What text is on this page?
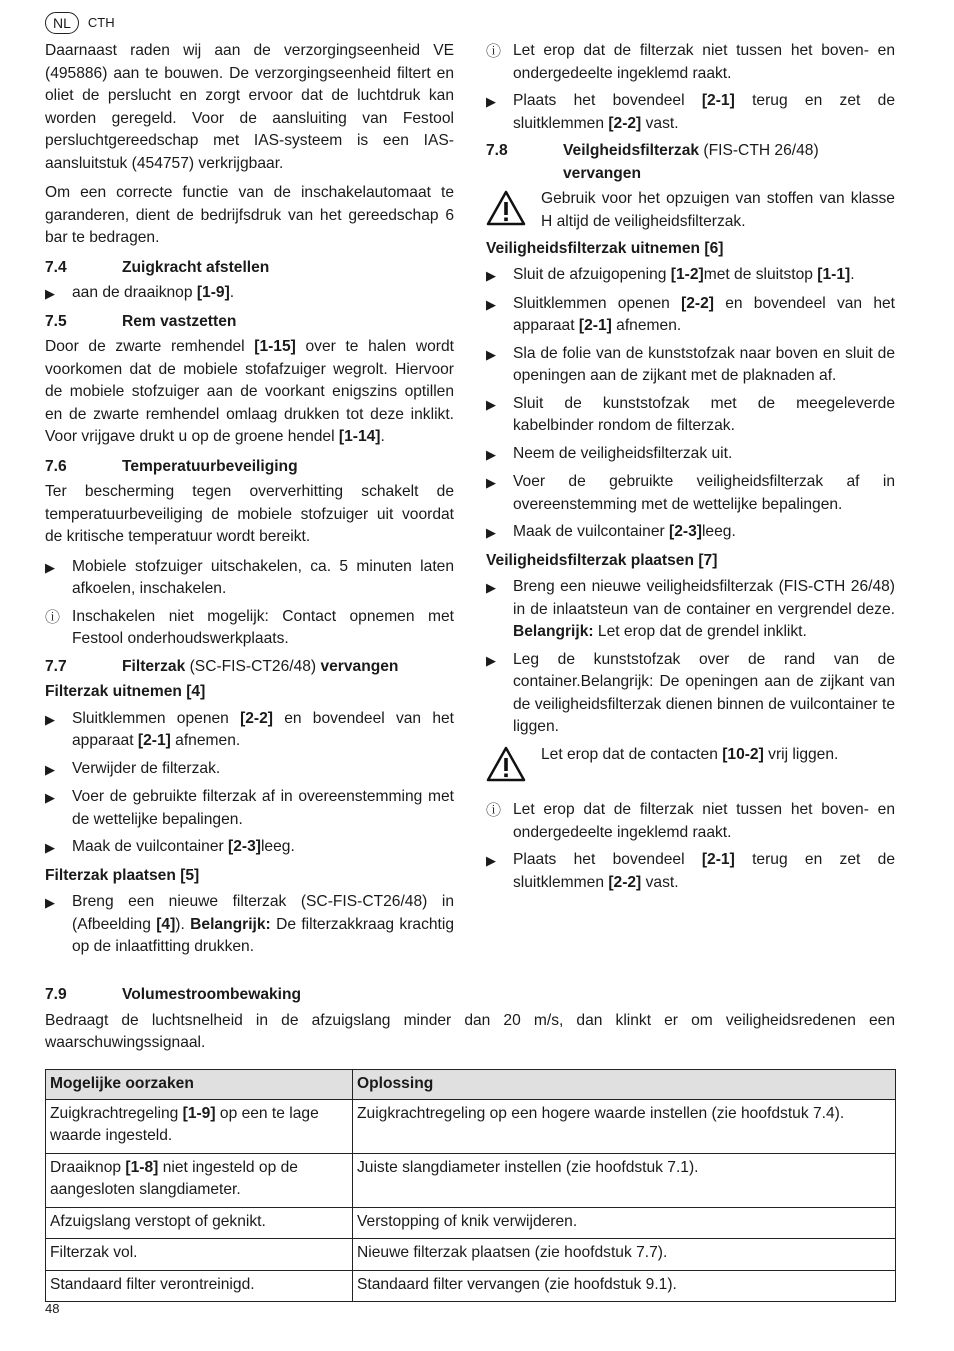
NL	CTH

Daarnaast raden wij aan de verzorgingseenheid VE (495886) aan te bouwen. De verzorgingseenheid filtert en oliet de perslucht en zorgt ervoor dat de luchtdruk kan worden geregeld. Voor de aansluiting van Festool persluchtgereedschap met IAS-systeem is een IAS-aansluitstuk (454757) verkrijgbaar.

Om een correcte functie van de inschakelautomaat te garanderen, dient de bedrijfsdruk van het gereedschap 6 bar te bedragen.

7.4	Zuigkracht afstellen
▶	aan de draaiknop [1-9].
7.5	Rem vastzetten

Door de zwarte remhendel [1-15] over te halen wordt voorkomen dat de mobiele stofafzuiger wegrolt. Hiervoor de mobiele stofzuiger aan de voorkant enigszins optillen en de zwarte remhendel omlaag drukken tot deze inklikt. Voor vrijgave drukt u op de groene hendel [1-14].

7.6	Temperatuurbeveiliging

Ter bescherming tegen oververhitting schakelt de temperatuurbeveiliging de mobiele stofzuiger uit voordat de kritische temperatuur wordt bereikt.

▶	Mobiele stofzuiger uitschakelen, ca. 5 minuten laten afkoelen, inschakelen.
ⓘ Inschakelen niet mogelijk: Contact opnemen met Festool onderhoudswerkplaats.
7.7	Filterzak (SC-FIS-CT26/48) vervangen
Filterzak uitnemen [4]
▶	Sluitklemmen openen [2-2] en bovendeel van het apparaat [2-1] afnemen.
▶	Verwijder de filterzak.
▶	Voer de gebruikte filterzak af in overeenstemming met de wettelijke bepalingen.
▶	Maak de vuilcontainer [2-3]leeg.
Filterzak plaatsen [5]
▶	Breng een nieuwe filterzak (SC-FIS-CT26/48) in (Afbeelding [4]). Belangrijk: De filterzakkraag krachtig op de inlaatfitting drukken.
ⓘ Let erop dat de filterzak niet tussen het boven- en ondergedeelte ingeklemd raakt.
▶	Plaats het bovendeel [2-1] terug en zet de sluitklemmen [2-2] vast.
7.8	Veilgheidsfilterzak (FIS-CTH 26/48) vervangen
Gebruik voor het opzuigen van stoffen van klasse H altijd de veiligheidsfilterzak.
Veiligheidsfilterzak uitnemen [6]
▶	Sluit de afzuigopening [1-2]met de sluitstop [1-1].
▶	Sluitklemmen openen [2-2] en bovendeel van het apparaat [2-1] afnemen.
▶	Sla de folie van de kunststofzak naar boven en sluit de openingen aan de zijkant met de plaknaden af.
▶	Sluit de kunststofzak met de meegeleverde kabelbinder rondom de filterzak.
▶	Neem de veiligheidsfilterzak uit.
▶	Voer de gebruikte veiligheidsfilterzak af in overeenstemming met de wettelijke bepalingen.
▶	Maak de vuilcontainer [2-3]leeg.
Veiligheidsfilterzak plaatsen [7]
▶	Breng een nieuwe veiligheidsfilterzak (FIS-CTH 26/48) in de inlaatsteun van de container en vergrendel deze. Belangrijk: Let erop dat de grendel inklikt.
▶	Leg de kunststofzak over de rand van de container.Belangrijk: De openingen aan de zijkant van de veiligheidsfilterzak dienen binnen de vuilcontainer te liggen.
Let erop dat de contacten [10-2] vrij liggen.
ⓘ Let erop dat de filterzak niet tussen het boven- en ondergedeelte ingeklemd raakt.
▶	Plaats het bovendeel [2-1] terug en zet de sluitklemmen [2-2] vast.
7.9	Volumestroombewaking

Bedraagt de luchtsnelheid in de afzuigslang minder dan 20 m/s, dan klinkt er om veiligheidsredenen een waarschuwingssignaal.

Mogelijke oorzaken	Oplossing
Zuigkrachtregeling [1-9] op een te lage waarde ingesteld.	Zuigkrachtregeling op een hogere waarde instellen (zie hoofdstuk 7.4).
Draaiknop [1-8] niet ingesteld op de aangesloten slangdiameter.	Juiste slangdiameter instellen (zie hoofdstuk 7.1).
Afzuigslang verstopt of geknikt.	Verstopping of knik verwijderen.
Filterzak vol.	Nieuwe filterzak plaatsen (zie hoofdstuk 7.7).
Standaard filter verontreinigd.	Standaard filter vervangen (zie hoofdstuk 9.1).
48
